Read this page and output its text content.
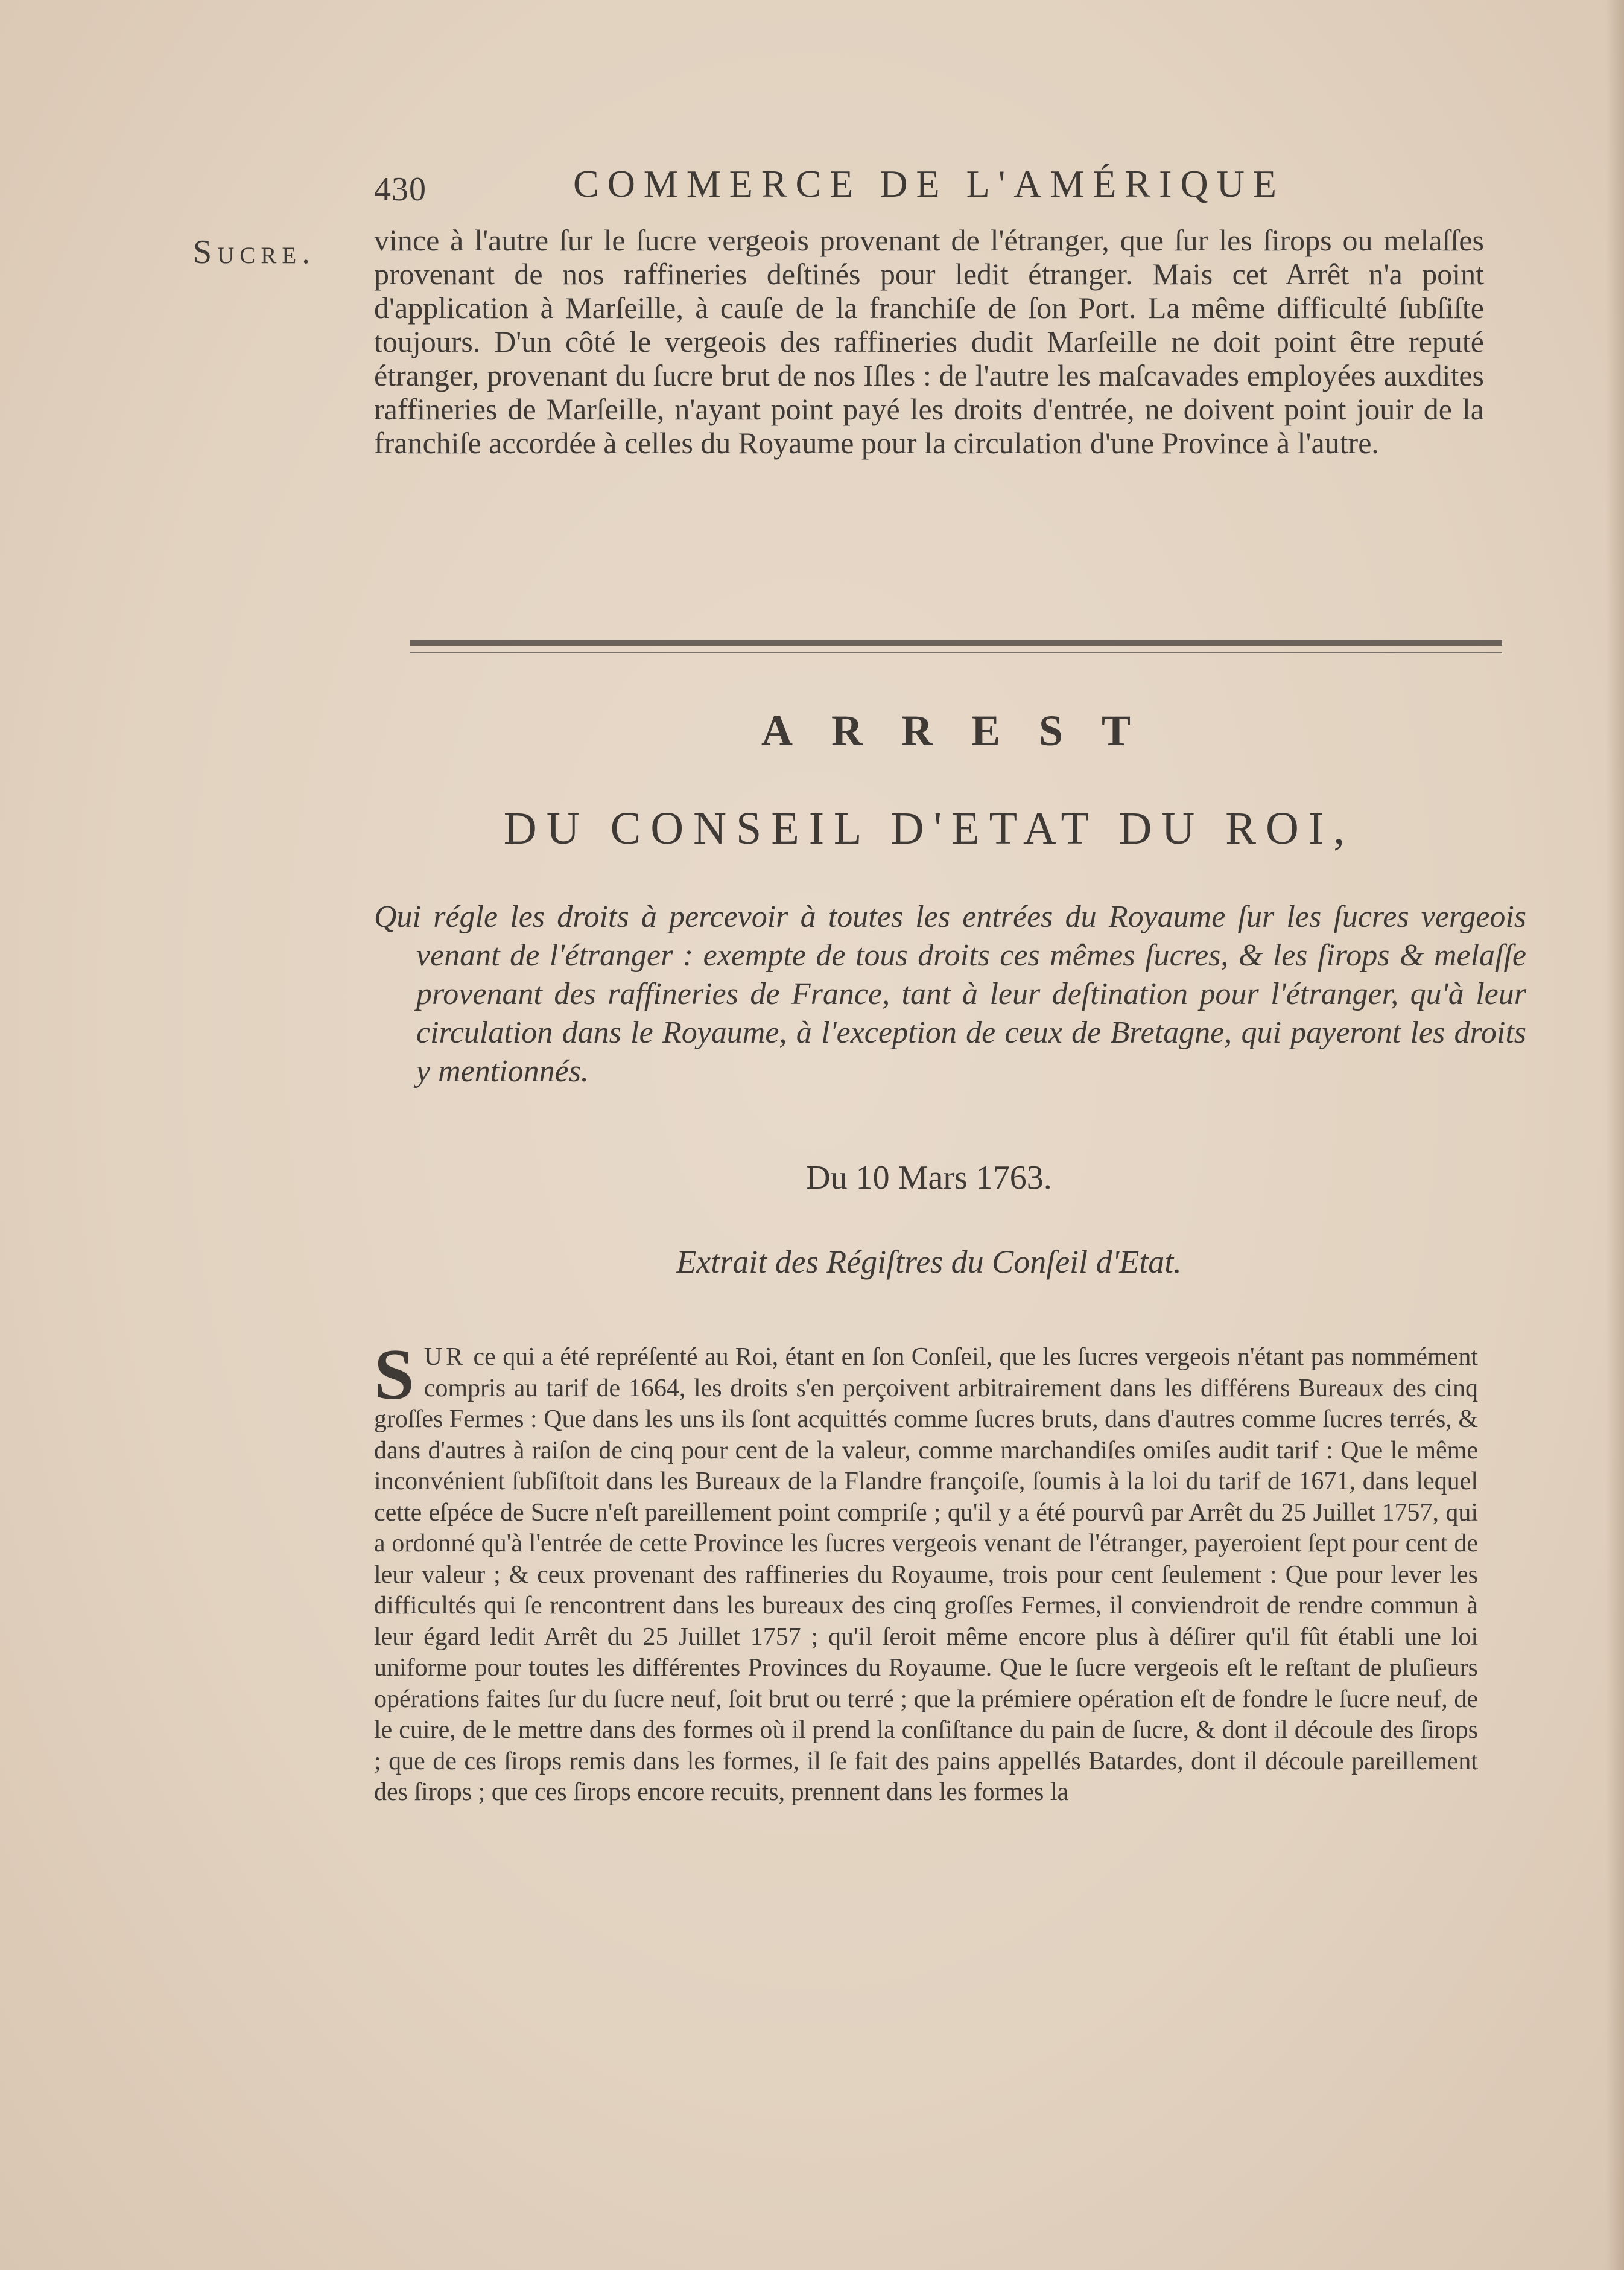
430	COMMERCE DE L'AMÉRIQUE
Sucre. vince à l'autre ſur le ſucre vergeois provenant de l'étranger, que ſur les ſirops ou melaſſes provenant de nos raffineries deſtinés pour ledit étranger. Mais cet Arrêt n'a point d'application à Marſeille, à cauſe de la franchiſe de ſon Port. La même difficulté ſubſiſte toujours. D'un côté le vergeois des raffineries dudit Marſeille ne doit point être reputé étranger, provenant du ſucre brut de nos Iſles : de l'autre les maſcavades employées auxdites raffineries de Marſeille, n'ayant point payé les droits d'entrée, ne doivent point jouir de la franchiſe accordée à celles du Royaume pour la circulation d'une Province à l'autre.
ARREST
DU CONSEIL D'ETAT DU ROI,
Qui régle les droits à percevoir à toutes les entrées du Royaume ſur les ſucres vergeois venant de l'étranger : exempte de tous droits ces mêmes ſucres, & les ſirops & melaſſe provenant des raffineries de France, tant à leur deſtination pour l'étranger, qu'à leur circulation dans le Royaume, à l'exception de ceux de Bretagne, qui payeront les droits y mentionnés.
Du 10 Mars 1763.
Extrait des Régiſtres du Conſeil d'Etat.
SUR ce qui a été repréſenté au Roi, étant en ſon Conſeil, que les ſucres vergeois n'étant pas nommément compris au tarif de 1664, les droits s'en perçoivent arbitrairement dans les différens Bureaux des cinq groſſes Fermes : Que dans les uns ils ſont acquittés comme ſucres bruts, dans d'autres comme ſucres terrés, & dans d'autres à raiſon de cinq pour cent de la valeur, comme marchandiſes omiſes audit tarif : Que le même inconvénient ſubſiſtoit dans les Bureaux de la Flandre françoiſe, ſoumis à la loi du tarif de 1671, dans lequel cette eſpéce de Sucre n'eſt pareillement point compriſe ; qu'il y a été pourvû par Arrêt du 25 Juillet 1757, qui a ordonné qu'à l'entrée de cette Province les ſucres vergeois venant de l'étranger, payeroient ſept pour cent de leur valeur ; & ceux provenant des raffineries du Royaume, trois pour cent ſeulement : Que pour lever les difficultés qui ſe rencontrent dans les bureaux des cinq groſſes Fermes, il conviendroit de rendre commun à leur égard ledit Arrêt du 25 Juillet 1757 ; qu'il ſeroit même encore plus à déſirer qu'il fût établi une loi uniforme pour toutes les différentes Provinces du Royaume. Que le ſucre vergeois eſt le reſtant de pluſieurs opérations faites ſur du ſucre neuf, ſoit brut ou terré ; que la prémiere opération eſt de fondre le ſucre neuf, de le cuire, de le mettre dans des formes où il prend la conſiſtance du pain de ſucre, & dont il découle des ſirops ; que de ces ſirops remis dans les formes, il ſe fait des pains appellés Batardes, dont il découle pareillement des ſirops ; que ces ſirops encore recuits, prennent dans les formes la
